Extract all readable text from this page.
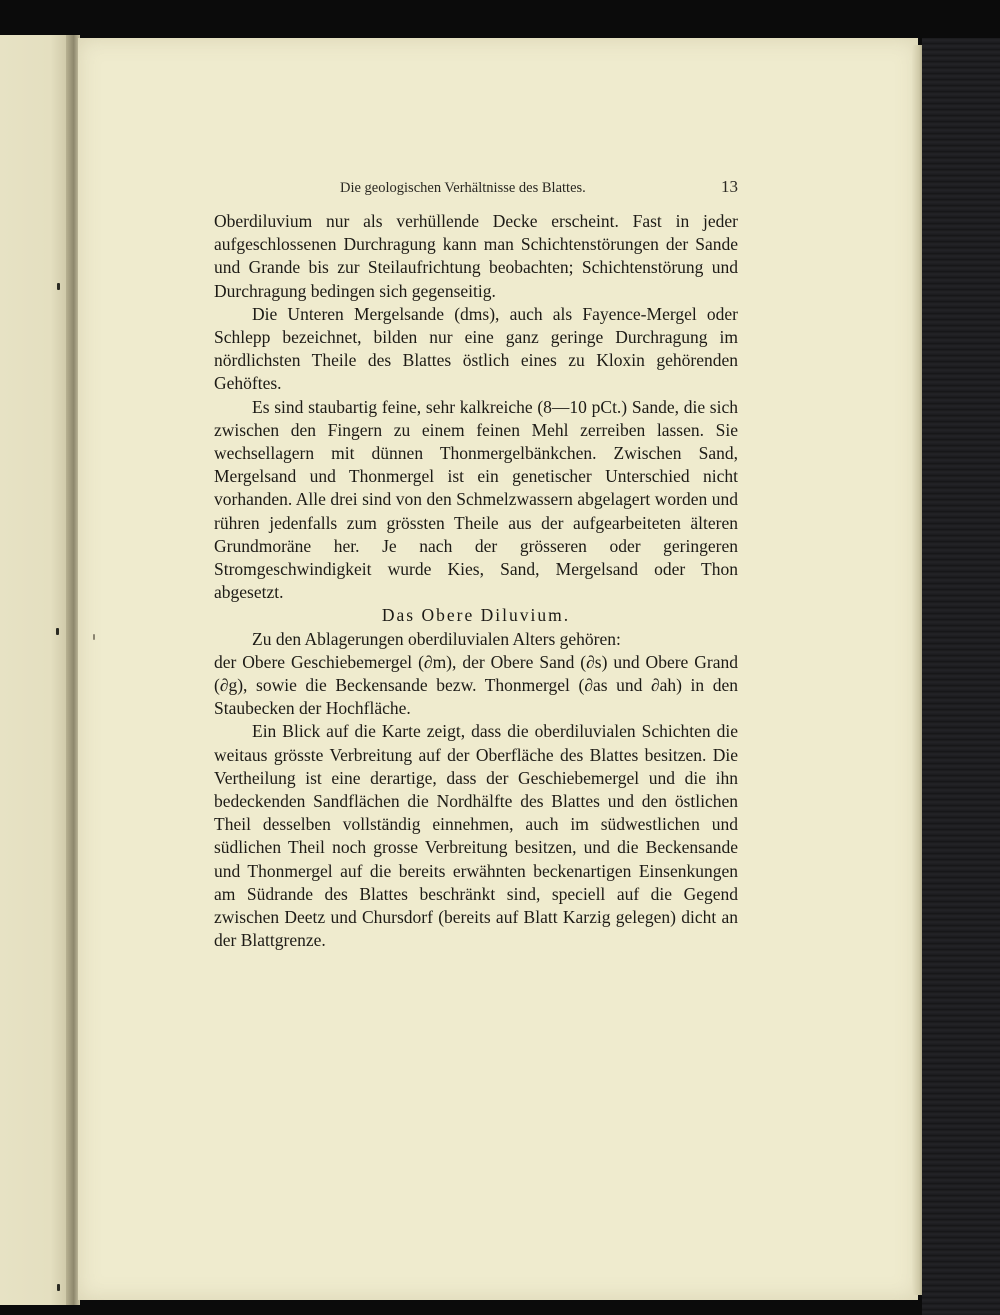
Die geologischen Verhältnisse des Blattes.	13

Oberdiluvium nur als verhüllende Decke erscheint. Fast in jeder aufgeschlossenen Durchragung kann man Schichtenstörungen der Sande und Grande bis zur Steilaufrichtung beobachten; Schichtenstörung und Durchragung bedingen sich gegenseitig.

Die Unteren Mergelsande (dms), auch als Fayence-Mergel oder Schlepp bezeichnet, bilden nur eine ganz geringe Durchragung im nördlichsten Theile des Blattes östlich eines zu Kloxin gehörenden Gehöftes.

Es sind staubartig feine, sehr kalkreiche (8—10 pCt.) Sande, die sich zwischen den Fingern zu einem feinen Mehl zerreiben lassen. Sie wechsellagern mit dünnen Thonmergelbänkchen. Zwischen Sand, Mergelsand und Thonmergel ist ein genetischer Unterschied nicht vorhanden. Alle drei sind von den Schmelzwassern abgelagert worden und rühren jedenfalls zum grössten Theile aus der aufgearbeiteten älteren Grundmoräne her. Je nach der grösseren oder geringeren Stromgeschwindigkeit wurde Kies, Sand, Mergelsand oder Thon abgesetzt.

Das Obere Diluvium.

Zu den Ablagerungen oberdiluvialen Alters gehören:

der Obere Geschiebemergel (∂m), der Obere Sand (∂s) und Obere Grand (∂g), sowie die Beckensande bezw. Thonmergel (∂as und ∂ah) in den Staubecken der Hochfläche.

Ein Blick auf die Karte zeigt, dass die oberdiluvialen Schichten die weitaus grösste Verbreitung auf der Oberfläche des Blattes besitzen. Die Vertheilung ist eine derartige, dass der Geschiebemergel und die ihn bedeckenden Sandflächen die Nordhälfte des Blattes und den östlichen Theil desselben vollständig einnehmen, auch im südwestlichen und südlichen Theil noch grosse Verbreitung besitzen, und die Beckensande und Thonmergel auf die bereits erwähnten beckenartigen Einsenkungen am Südrande des Blattes beschränkt sind, speciell auf die Gegend zwischen Deetz und Chursdorf (bereits auf Blatt Karzig gelegen) dicht an der Blattgrenze.
